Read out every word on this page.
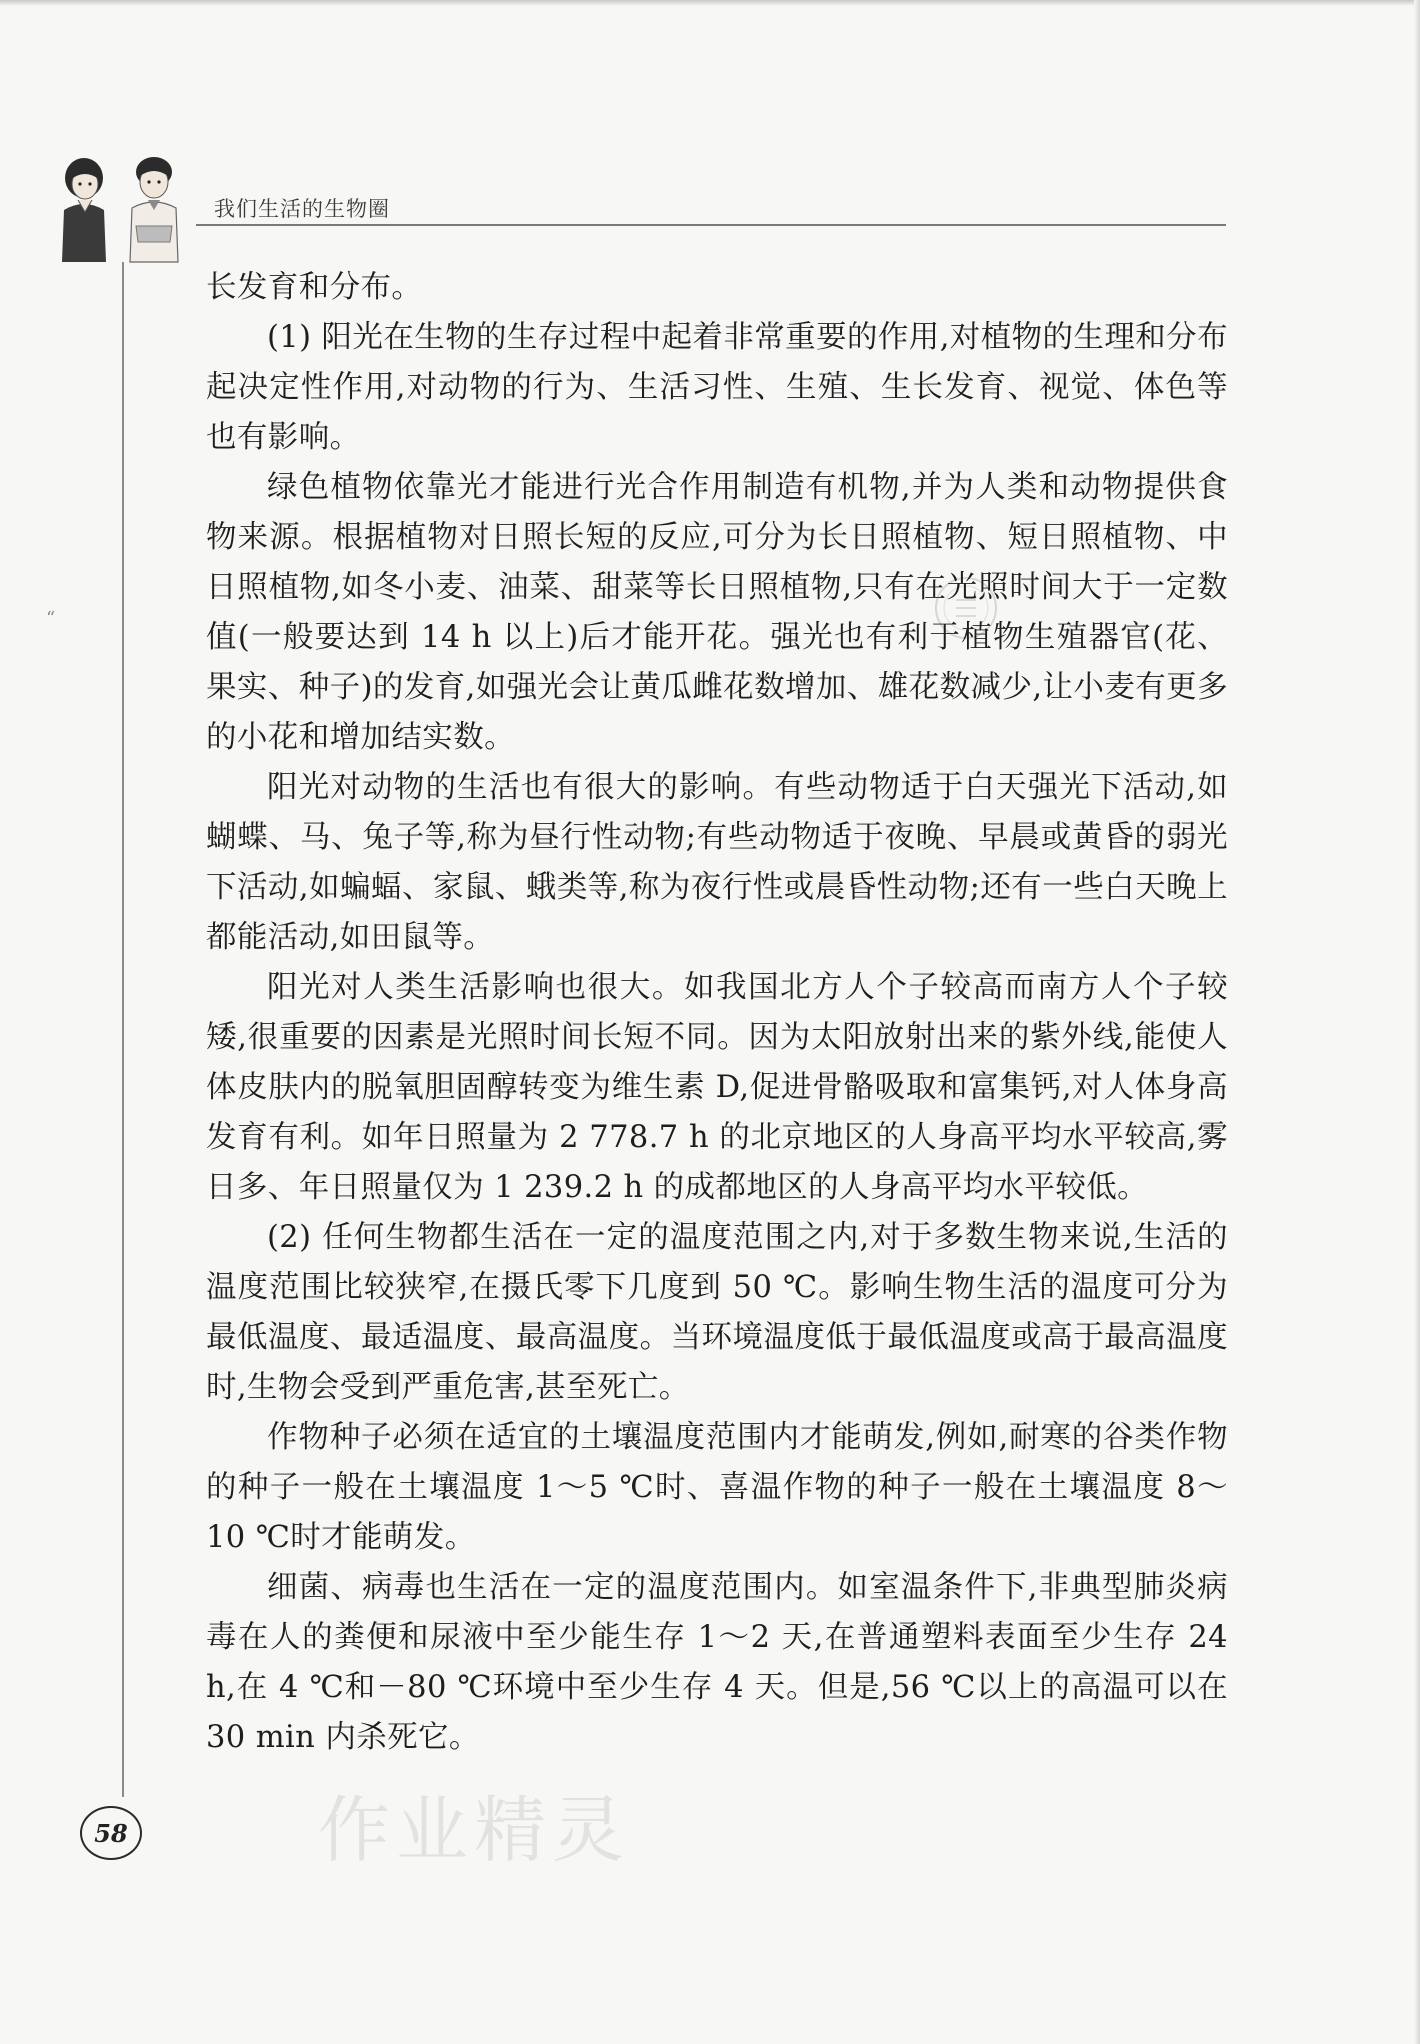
我们生活的生物圈
“

长发育和分布。

(1) 阳光在生物的生存过程中起着非常重要的作用,对植物的生理和分布起决定性作用,对动物的行为、生活习性、生殖、生长发育、视觉、体色等也有影响。

绿色植物依靠光才能进行光合作用制造有机物,并为人类和动物提供食物来源。根据植物对日照长短的反应,可分为长日照植物、短日照植物、中日照植物,如冬小麦、油菜、甜菜等长日照植物,只有在光照时间大于一定数值(一般要达到 14 h 以上)后才能开花。强光也有利于植物生殖器官(花、果实、种子)的发育,如强光会让黄瓜雌花数增加、雄花数减少,让小麦有更多的小花和增加结实数。

阳光对动物的生活也有很大的影响。有些动物适于白天强光下活动,如蝴蝶、马、兔子等,称为昼行性动物;有些动物适于夜晚、早晨或黄昏的弱光下活动,如蝙蝠、家鼠、蛾类等,称为夜行性或晨昏性动物;还有一些白天晚上都能活动,如田鼠等。

阳光对人类生活影响也很大。如我国北方人个子较高而南方人个子较矮,很重要的因素是光照时间长短不同。因为太阳放射出来的紫外线,能使人体皮肤内的脱氧胆固醇转变为维生素 D,促进骨骼吸取和富集钙,对人体身高发育有利。如年日照量为 2 778.7 h 的北京地区的人身高平均水平较高,雾日多、年日照量仅为 1 239.2 h 的成都地区的人身高平均水平较低。

(2) 任何生物都生活在一定的温度范围之内,对于多数生物来说,生活的温度范围比较狭窄,在摄氏零下几度到 50 ℃。影响生物生活的温度可分为最低温度、最适温度、最高温度。当环境温度低于最低温度或高于最高温度时,生物会受到严重危害,甚至死亡。

作物种子必须在适宜的土壤温度范围内才能萌发,例如,耐寒的谷类作物的种子一般在土壤温度 1～5 ℃时、喜温作物的种子一般在土壤温度 8～10 ℃时才能萌发。

细菌、病毒也生活在一定的温度范围内。如室温条件下,非典型肺炎病毒在人的粪便和尿液中至少能生存 1～2 天,在普通塑料表面至少生存 24 h,在 4 ℃和－80 ℃环境中至少生存 4 天。但是,56 ℃以上的高温可以在 30 min 内杀死它。

作业精灵
58
